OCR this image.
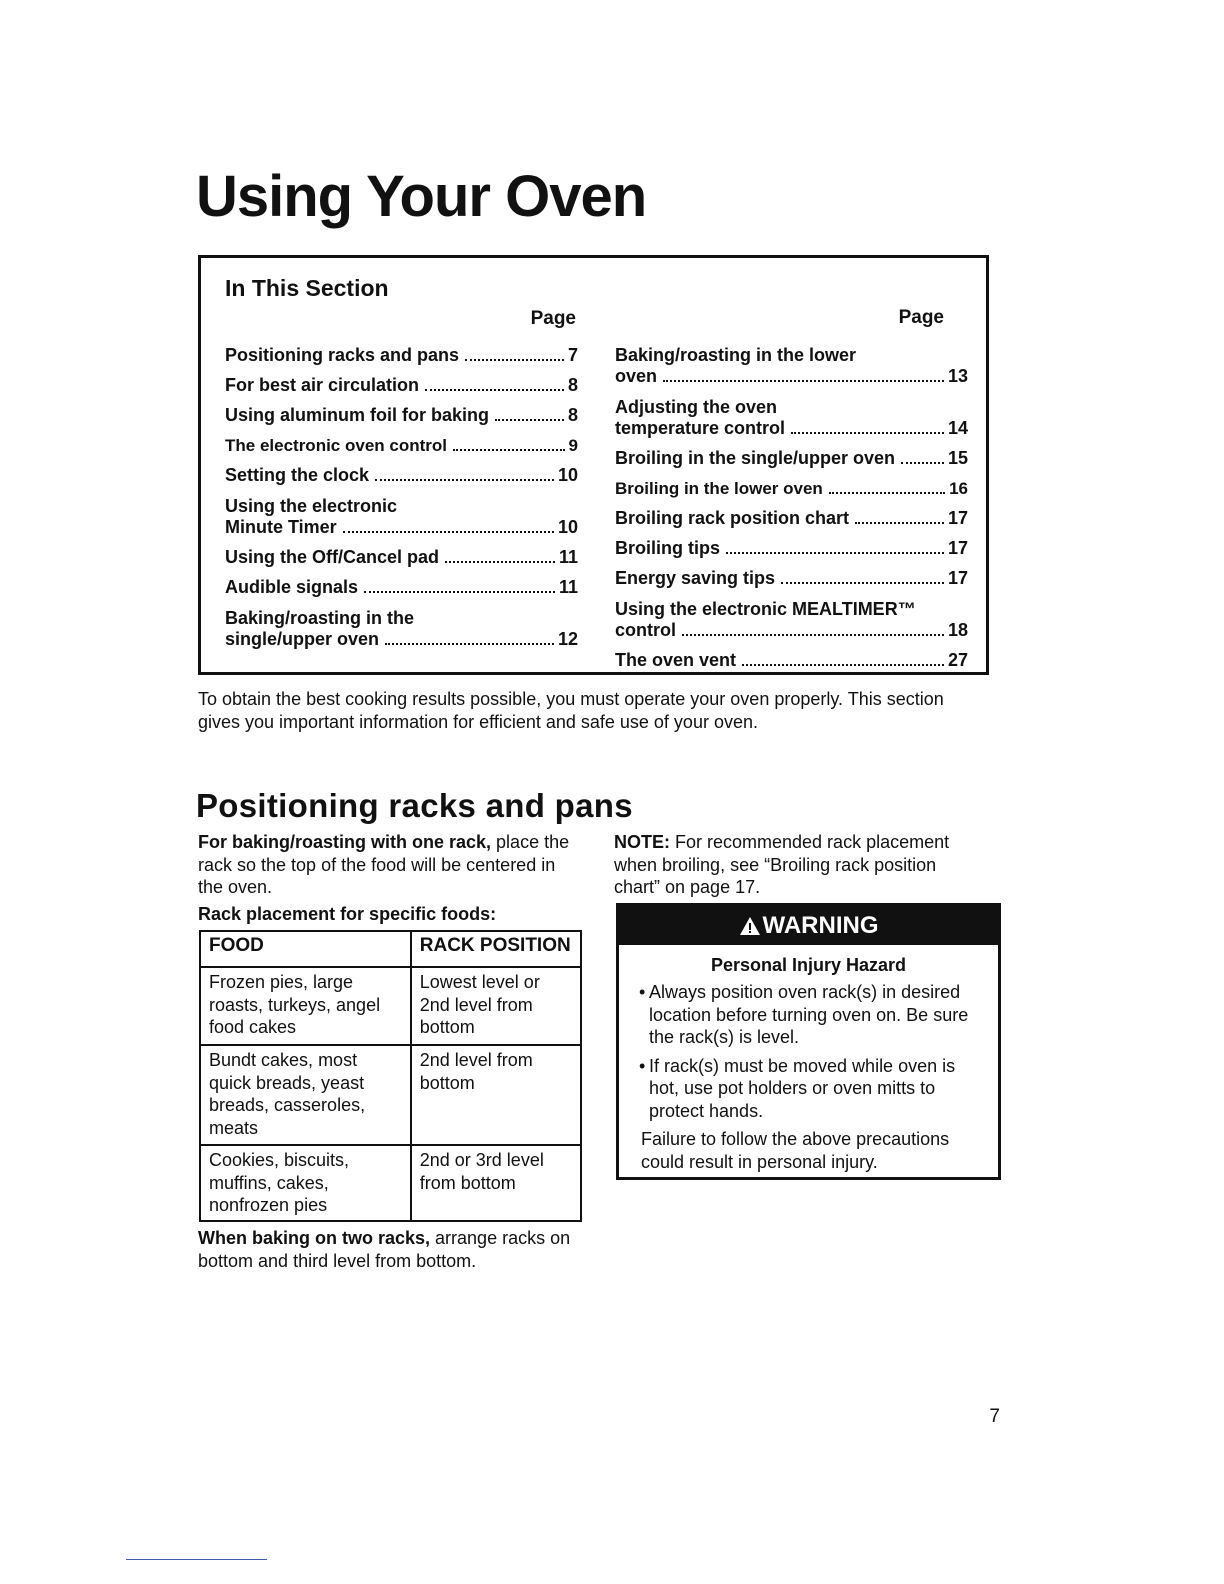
Using Your Oven
In This Section
Page
Positioning racks and pans	7
For best air circulation	8
Using aluminum foil for baking	8
The electronic oven control	9
Setting the clock	10
Using the electronic
Minute Timer	10
Using the Off/Cancel pad	11
Audible signals	11
Baking/roasting in the
single/upper oven	12
Page
Baking/roasting in the lower
oven	13
Adjusting the oven
temperature control	14
Broiling in the single/upper oven	15
Broiling in the lower oven	16
Broiling rack position chart	17
Broiling tips	17
Energy saving tips	17
Using the electronic MEALTIMER™
control	18
The oven vent	27

To obtain the best cooking results possible, you must operate your oven properly. This section gives you important information for efficient and safe use of your oven.

Positioning racks and pans

For baking/roasting with one rack, place the rack so the top of the food will be centered in the oven.

Rack placement for specific foods:
FOOD	RACK POSITION
Frozen pies, large roasts, turkeys, angel food cakes	Lowest level or 2nd level from bottom
Bundt cakes, most quick breads, yeast breads, casseroles, meats	2nd level from bottom
Cookies, biscuits, muffins, cakes, nonfrozen pies	2nd or 3rd level from bottom

When baking on two racks, arrange racks on bottom and third level from bottom.

NOTE: For recommended rack placement when broiling, see “Broiling rack position chart” on page 17.

WARNING
Personal Injury Hazard
• Always position oven rack(s) in desired location before turning oven on. Be sure the rack(s) is level.
• If rack(s) must be moved while oven is hot, use pot holders or oven mitts to protect hands.
Failure to follow the above precautions could result in personal injury.
7
